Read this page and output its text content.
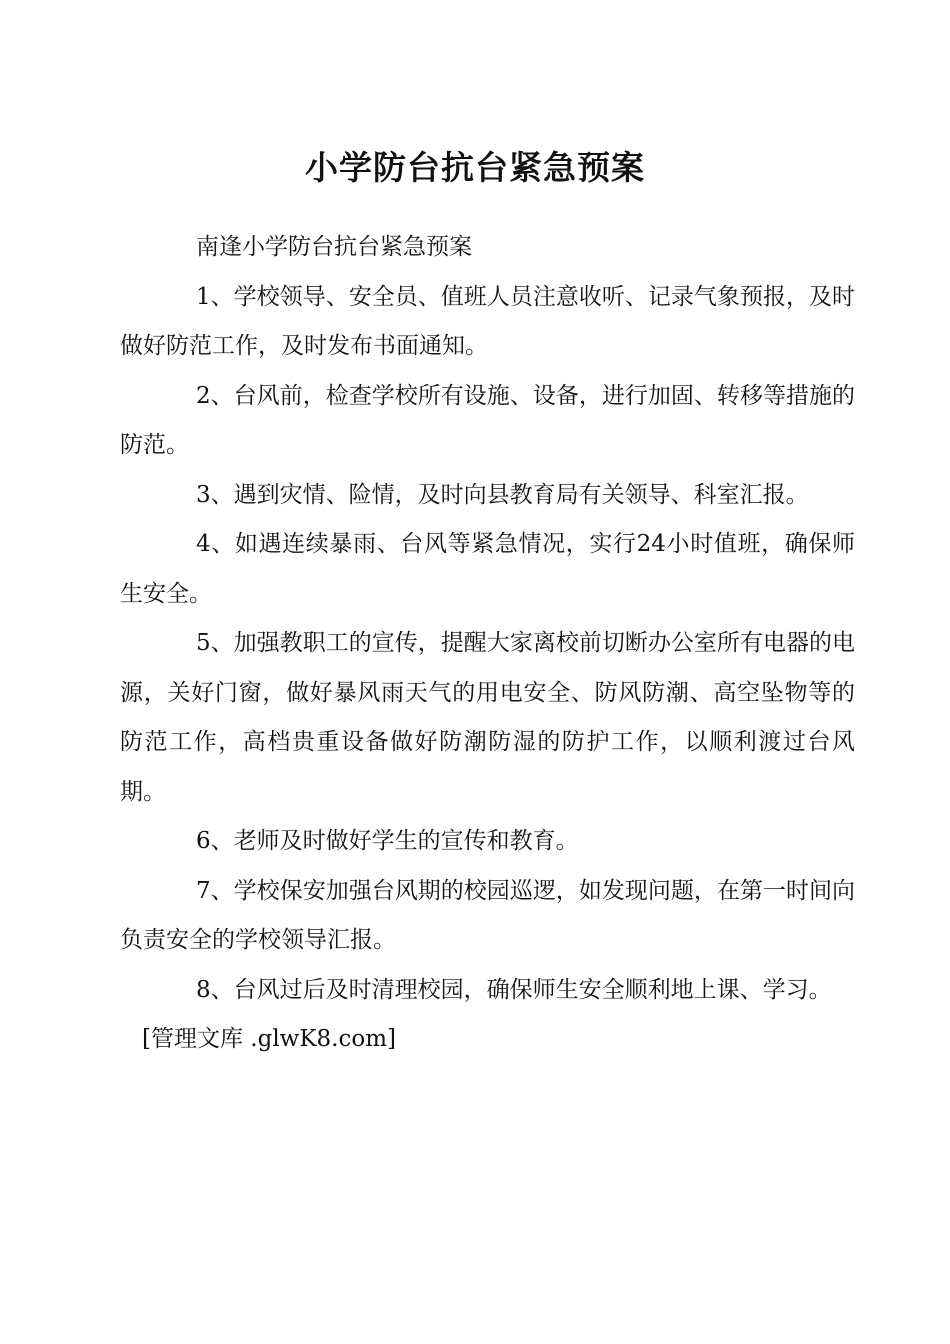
小学防台抗台紧急预案

南逢小学防台抗台紧急预案

1、学校领导、安全员、值班人员注意收听、记录气象预报，及时做好防范工作，及时发布书面通知。

2、台风前，检查学校所有设施、设备，进行加固、转移等措施的防范。

3、遇到灾情、险情，及时向县教育局有关领导、科室汇报。

4、如遇连续暴雨、台风等紧急情况，实行24小时值班，确保师生安全。

5、加强教职工的宣传，提醒大家离校前切断办公室所有电器的电源，关好门窗，做好暴风雨天气的用电安全、防风防潮、高空坠物等的防范工作，高档贵重设备做好防潮防湿的防护工作，以顺利渡过台风期。

6、老师及时做好学生的宣传和教育。

7、学校保安加强台风期的校园巡逻，如发现问题，在第一时间向负责安全的学校领导汇报。

8、台风过后及时清理校园，确保师生安全顺利地上课、学习。

[管理文库 .glwK8.com]
